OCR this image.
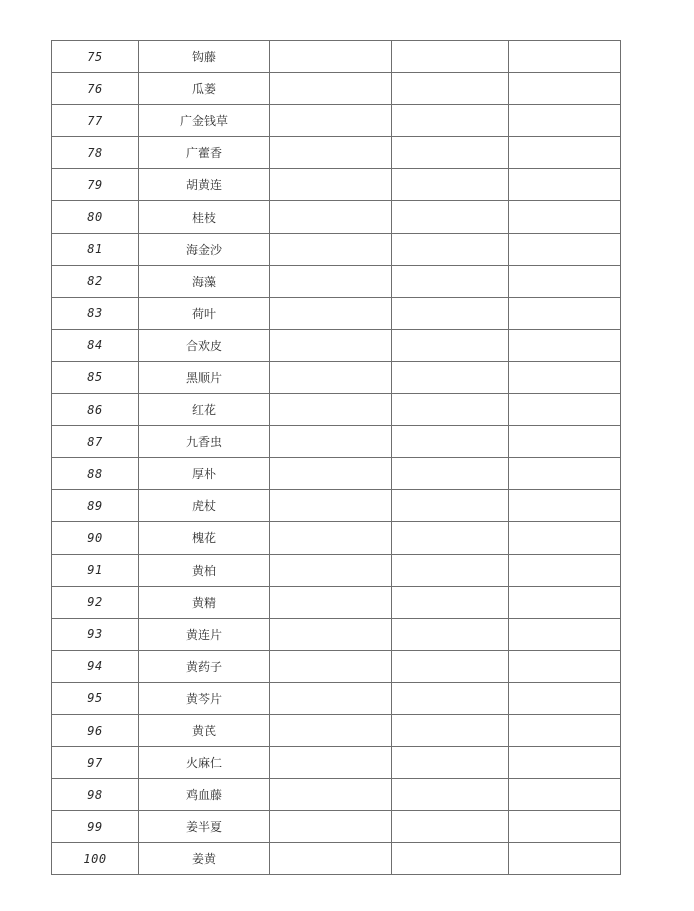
75	钩藤			
76	瓜蒌			
77	广金钱草			
78	广藿香			
79	胡黄连			
80	桂枝			
81	海金沙			
82	海藻			
83	荷叶			
84	合欢皮			
85	黑顺片			
86	红花			
87	九香虫			
88	厚朴			
89	虎杖			
90	槐花			
91	黄柏			
92	黄精			
93	黄连片			
94	黄药子			
95	黄芩片			
96	黄芪			
97	火麻仁			
98	鸡血藤			
99	姜半夏			
100	姜黄			
